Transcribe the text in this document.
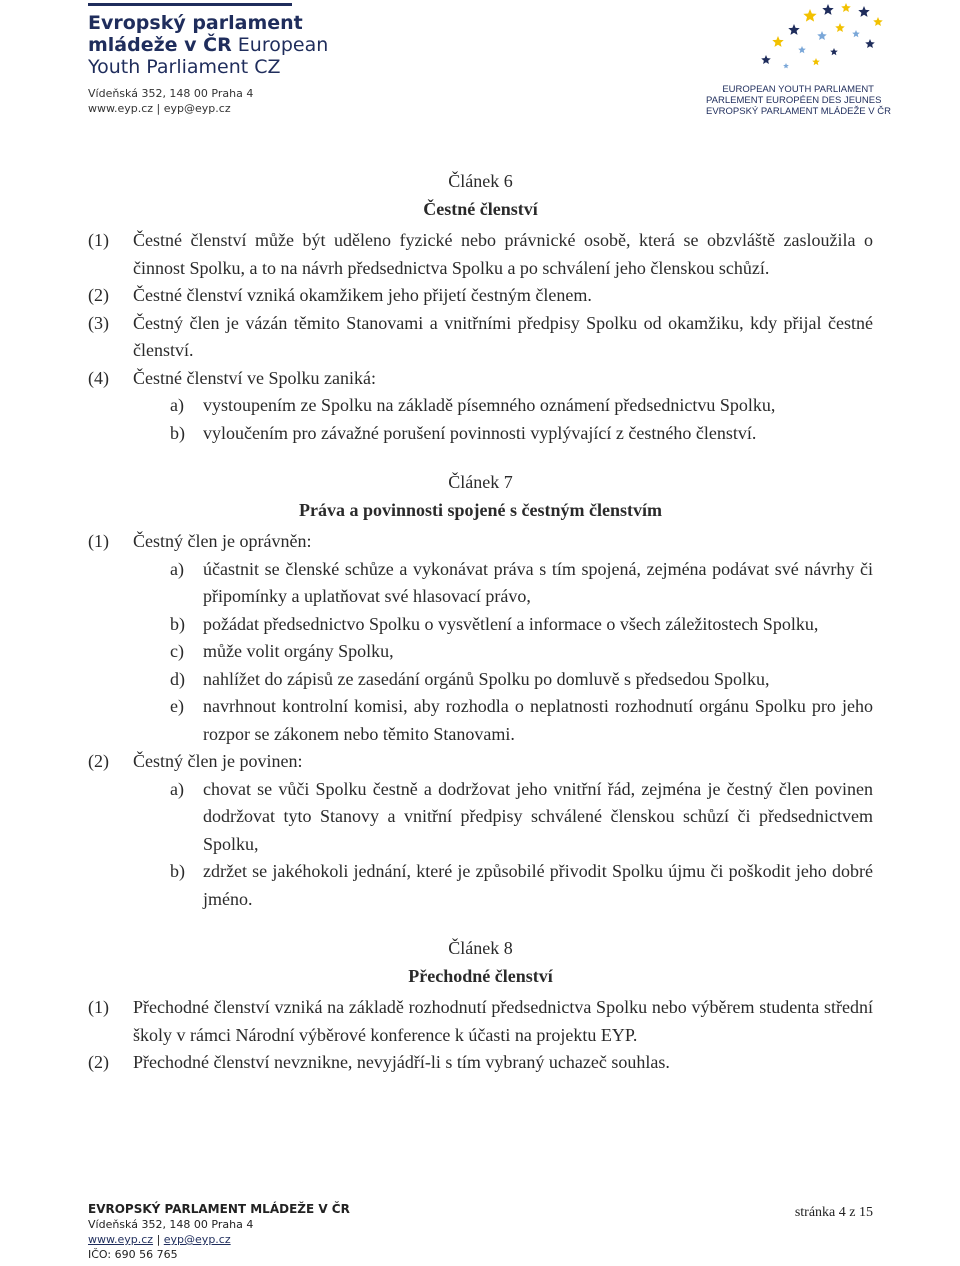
Evropský parlament
mládeže v ČR European
Youth Parliament CZ
Vídeňská 352, 148 00 Praha 4
www.eyp.cz | eyp@eyp.cz
EUROPEAN YOUTH PARLIAMENT
PARLEMENT EUROPÉEN DES JEUNES
EVROPSKÝ PARLAMENT MLÁDEŽE V ČR
Článek 6
Čestné členství
(1)	Čestné členství může být uděleno fyzické nebo právnické osobě, která se obzvláště zasloužila o činnost Spolku, a to na návrh předsednictva Spolku a po schválení jeho členskou schůzí.
(2)	Čestné členství vzniká okamžikem jeho přijetí čestným členem.
(3)	Čestný člen je vázán těmito Stanovami a vnitřními předpisy Spolku od okamžiku, kdy přijal čestné členství.
(4)	Čestné členství ve Spolku zaniká:
a)	vystoupením ze Spolku na základě písemného oznámení předsednictvu Spolku,
b)	vyloučením pro závažné porušení povinnosti vyplývající z čestného členství.
Článek 7
Práva a povinnosti spojené s čestným členstvím
(1)	Čestný člen je oprávněn:
a)	účastnit se členské schůze a vykonávat práva s tím spojená, zejména podávat své návrhy či připomínky a uplatňovat své hlasovací právo,
b)	požádat předsednictvo Spolku o vysvětlení a informace o všech záležitostech Spolku,
c)	může volit orgány Spolku,
d)	nahlížet do zápisů ze zasedání orgánů Spolku po domluvě s předsedou Spolku,
e)	navrhnout kontrolní komisi, aby rozhodla o neplatnosti rozhodnutí orgánu Spolku pro jeho rozpor se zákonem nebo těmito Stanovami.
(2)	Čestný člen je povinen:
a)	chovat se vůči Spolku čestně a dodržovat jeho vnitřní řád, zejména je čestný člen povinen dodržovat tyto Stanovy a vnitřní předpisy schválené členskou schůzí či předsednictvem Spolku,
b)	zdržet se jakéhokoli jednání, které je způsobilé přivodit Spolku újmu či poškodit jeho dobré jméno.
Článek 8
Přechodné členství
(1)	Přechodné členství vzniká na základě rozhodnutí předsednictva Spolku nebo výběrem studenta střední školy v rámci Národní výběrové konference k účasti na projektu EYP.
(2)	Přechodné členství nevznikne, nevyjádří-li s tím vybraný uchazeč souhlas.
EVROPSKÝ PARLAMENT MLÁDEŽE V ČR
Vídeňská 352, 148 00 Praha 4
www.eyp.cz | eyp@eyp.cz
IČO: 690 56 765
stránka 4 z 15
